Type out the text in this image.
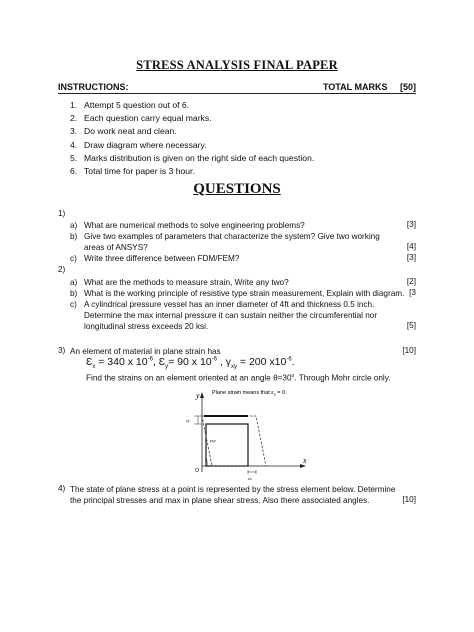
STRESS ANALYSIS FINAL PAPER
INSTRUCTIONS:	TOTAL MARKS [50]
1. Attempt 5 question out of 6.
2. Each question carry equal marks.
3. Do work neat and clean.
4. Draw diagram where necessary.
5. Marks distribution is given on the right side of each question.
6. Total time for paper is 3 hour.
QUESTIONS
1)
a) What are numerical methods to solve engineering problems?	[3]
b) Give two examples of parameters that characterize the system? Give two working areas of ANSYS?	[4]
c) Write three difference between FDM/FEM?	[3]
2)
a) What are the methods to measure strain, Write any two?	[2]
b) What is the working principle of resistive type strain measurement, Explain with diagram. [3
c) A cylindrical pressure vessel has an inner diameter of 4ft and thickness 0.5 inch. Determine the max internal pressure it can sustain neither the circumferential nor longitudinal stress exceeds 20 ksi.	[5]
3) An element of material in plane strain has	[10]
$Ɛ_x = 340$ x $10^{-6}$, $Ɛ_y= 90$ x $10^{-6}$ , $\gamma_{xy} = 200$ $x10^{-6}$.
Find the strains on an element oriented at an angle $\theta=30^o$. Through Mohr circle only.
y
x
O
εy
γxy
εx
Plane strain means that $\varepsilon_z = 0$.
4) The state of plane stress at a point is represented by the stress element below. Determine the principal stresses and max in plane shear stress. Also there associated angles.	[10]
